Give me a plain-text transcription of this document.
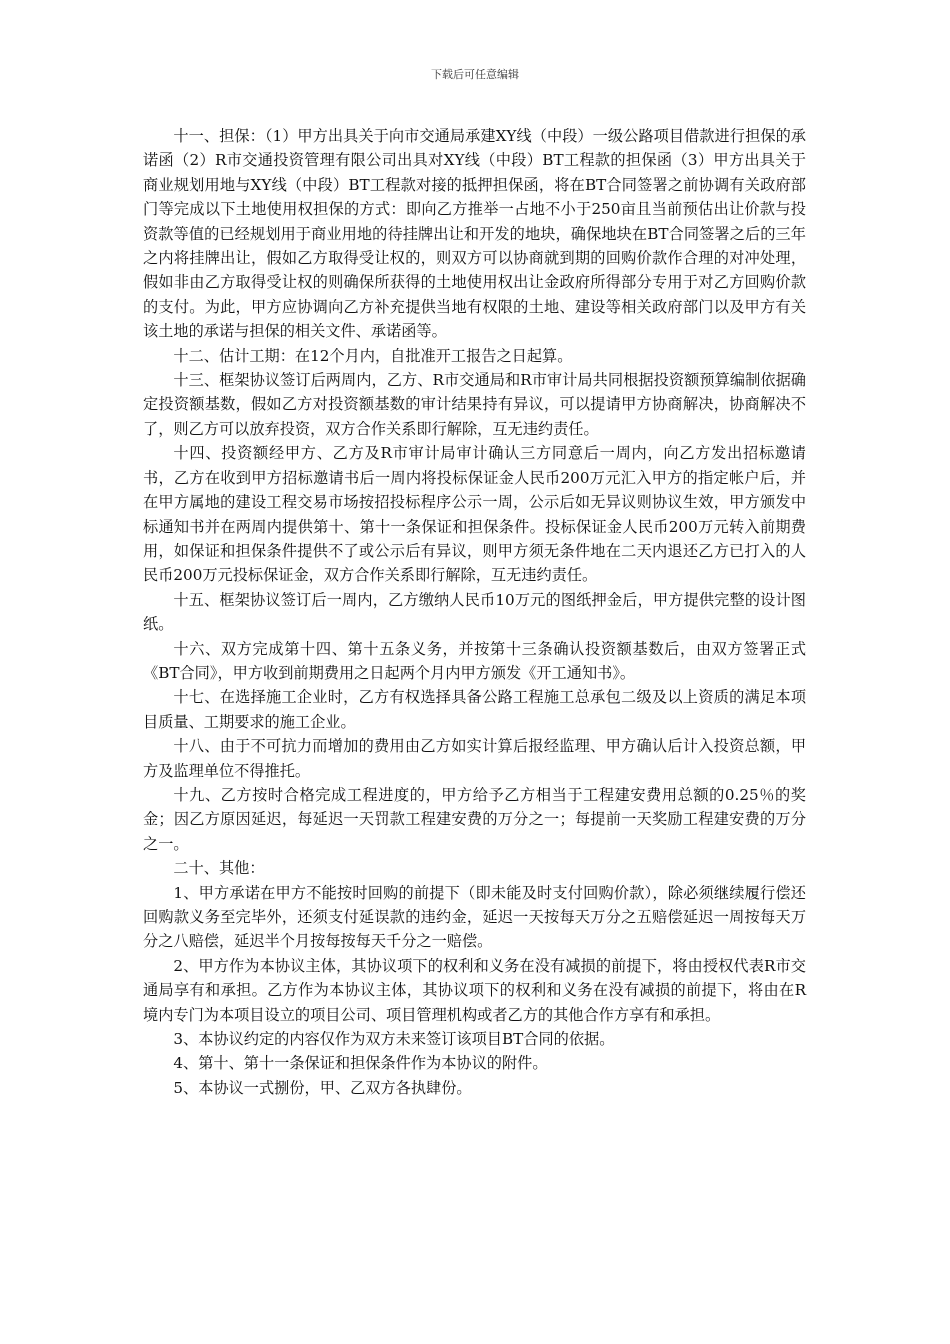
下载后可任意编辑

十一、担保：（1）甲方出具关于向市交通局承建XY线（中段）一级公路项目借款进行担保的承诺函（2）R市交通投资管理有限公司出具对XY线（中段）BT工程款的担保函（3）甲方出具关于商业规划用地与XY线（中段）BT工程款对接的抵押担保函，将在BT合同签署之前协调有关政府部门等完成以下土地使用权担保的方式：即向乙方推举一占地不小于250亩且当前预估出让价款与投资款等值的已经规划用于商业用地的待挂牌出让和开发的地块，确保地块在BT合同签署之后的三年之内将挂牌出让，假如乙方取得受让权的，则双方可以协商就到期的回购价款作合理的对冲处理，假如非由乙方取得受让权的则确保所获得的土地使用权出让金政府所得部分专用于对乙方回购价款的支付。为此，甲方应协调向乙方补充提供当地有权限的土地、建设等相关政府部门以及甲方有关该土地的承诺与担保的相关文件、承诺函等。

十二、估计工期：在12个月内，自批准开工报告之日起算。

十三、框架协议签订后两周内，乙方、R市交通局和R市审计局共同根据投资额预算编制依据确定投资额基数，假如乙方对投资额基数的审计结果持有异议，可以提请甲方协商解决，协商解决不了，则乙方可以放弃投资，双方合作关系即行解除，互无违约责任。

十四、投资额经甲方、乙方及R市审计局审计确认三方同意后一周内，向乙方发出招标邀请书，乙方在收到甲方招标邀请书后一周内将投标保证金人民币200万元汇入甲方的指定帐户后，并在甲方属地的建设工程交易市场按招投标程序公示一周，公示后如无异议则协议生效，甲方颁发中标通知书并在两周内提供第十、第十一条保证和担保条件。投标保证金人民币200万元转入前期费用，如保证和担保条件提供不了或公示后有异议，则甲方须无条件地在二天内退还乙方已打入的人民币200万元投标保证金，双方合作关系即行解除，互无违约责任。

十五、框架协议签订后一周内，乙方缴纳人民币10万元的图纸押金后，甲方提供完整的设计图纸。

十六、双方完成第十四、第十五条义务，并按第十三条确认投资额基数后，由双方签署正式《BT合同》，甲方收到前期费用之日起两个月内甲方颁发《开工通知书》。

十七、在选择施工企业时，乙方有权选择具备公路工程施工总承包二级及以上资质的满足本项目质量、工期要求的施工企业。

十八、由于不可抗力而增加的费用由乙方如实计算后报经监理、甲方确认后计入投资总额，甲方及监理单位不得推托。

十九、乙方按时合格完成工程进度的，甲方给予乙方相当于工程建安费用总额的0.25％的奖金；因乙方原因延迟，每延迟一天罚款工程建安费的万分之一；每提前一天奖励工程建安费的万分之一。

二十、其他：

1、甲方承诺在甲方不能按时回购的前提下（即未能及时支付回购价款），除必须继续履行偿还回购款义务至完毕外，还须支付延误款的违约金，延迟一天按每天万分之五赔偿延迟一周按每天万分之八赔偿，延迟半个月按每按每天千分之一赔偿。

2、甲方作为本协议主体，其协议项下的权利和义务在没有减损的前提下，将由授权代表R市交通局享有和承担。乙方作为本协议主体，其协议项下的权利和义务在没有减损的前提下，将由在R境内专门为本项目设立的项目公司、项目管理机构或者乙方的其他合作方享有和承担。

3、本协议约定的内容仅作为双方未来签订该项目BT合同的依据。

4、第十、第十一条保证和担保条件作为本协议的附件。

5、本协议一式捌份，甲、乙双方各执肆份。
